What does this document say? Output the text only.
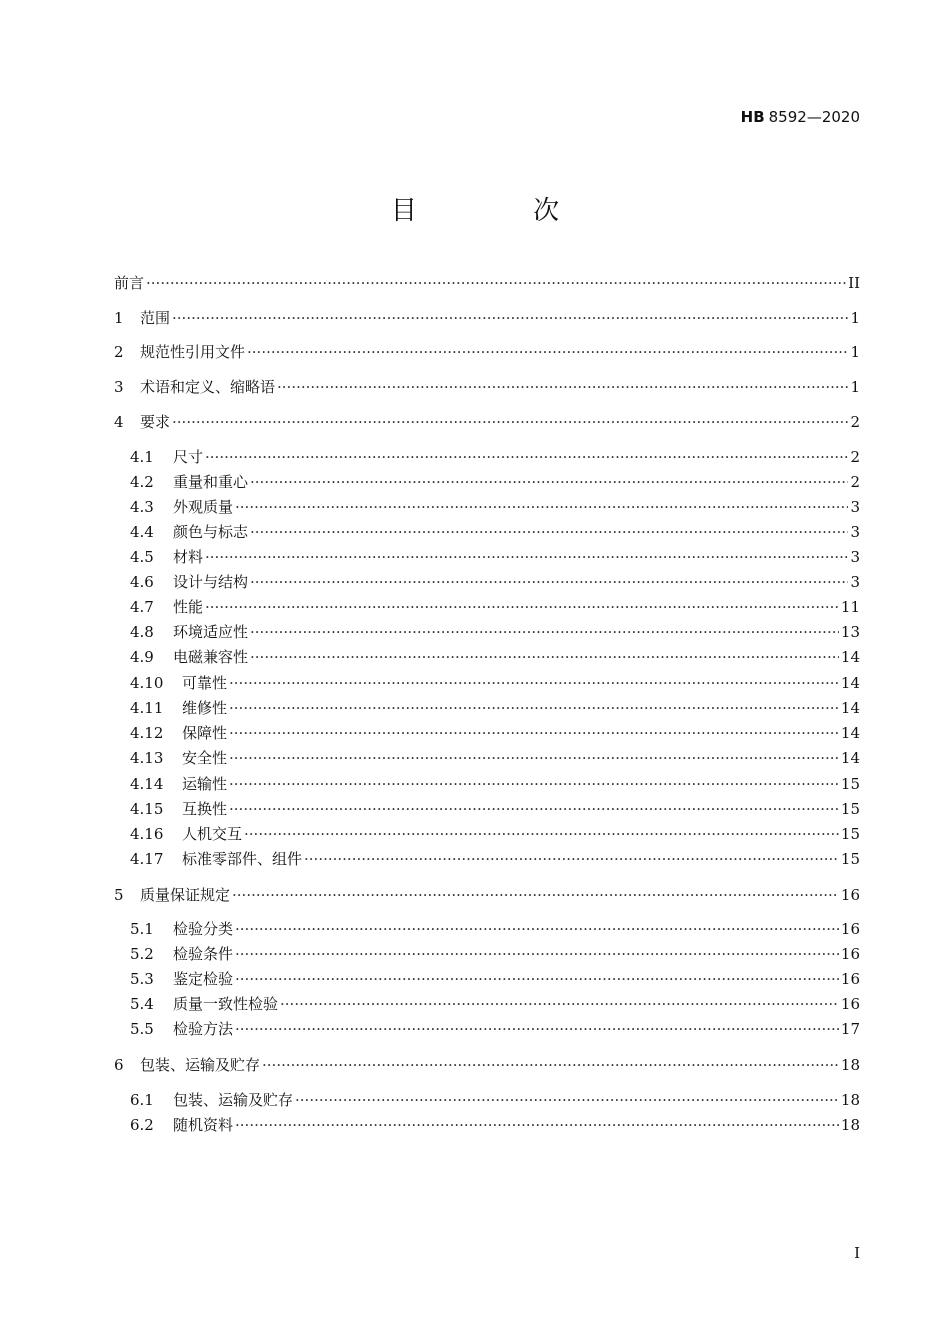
HB 8592—2020
目 次
前言 ·····	II
1	范围 ·····	1
2	规范性引用文件 ·····	1
3	术语和定义、缩略语 ·····	1
4	要求 ·····	2
4.1	尺寸 ·····	2
4.2	重量和重心 ·····	2
4.3	外观质量 ·····	3
4.4	颜色与标志 ·····	3
4.5	材料 ·····	3
4.6	设计与结构 ·····	3
4.7	性能 ·····	11
4.8	环境适应性 ·····	13
4.9	电磁兼容性 ·····	14
4.10	可靠性 ·····	14
4.11	维修性 ·····	14
4.12	保障性 ·····	14
4.13	安全性 ·····	14
4.14	运输性 ·····	15
4.15	互换性 ·····	15
4.16	人机交互 ·····	15
4.17	标准零部件、组件 ·····	15
5	质量保证规定 ·····	16
5.1	检验分类 ·····	16
5.2	检验条件 ·····	16
5.3	鉴定检验 ·····	16
5.4	质量一致性检验 ·····	16
5.5	检验方法 ·····	17
6	包装、运输及贮存 ·····	18
6.1	包装、运输及贮存 ·····	18
6.2	随机资料 ·····	18
I
